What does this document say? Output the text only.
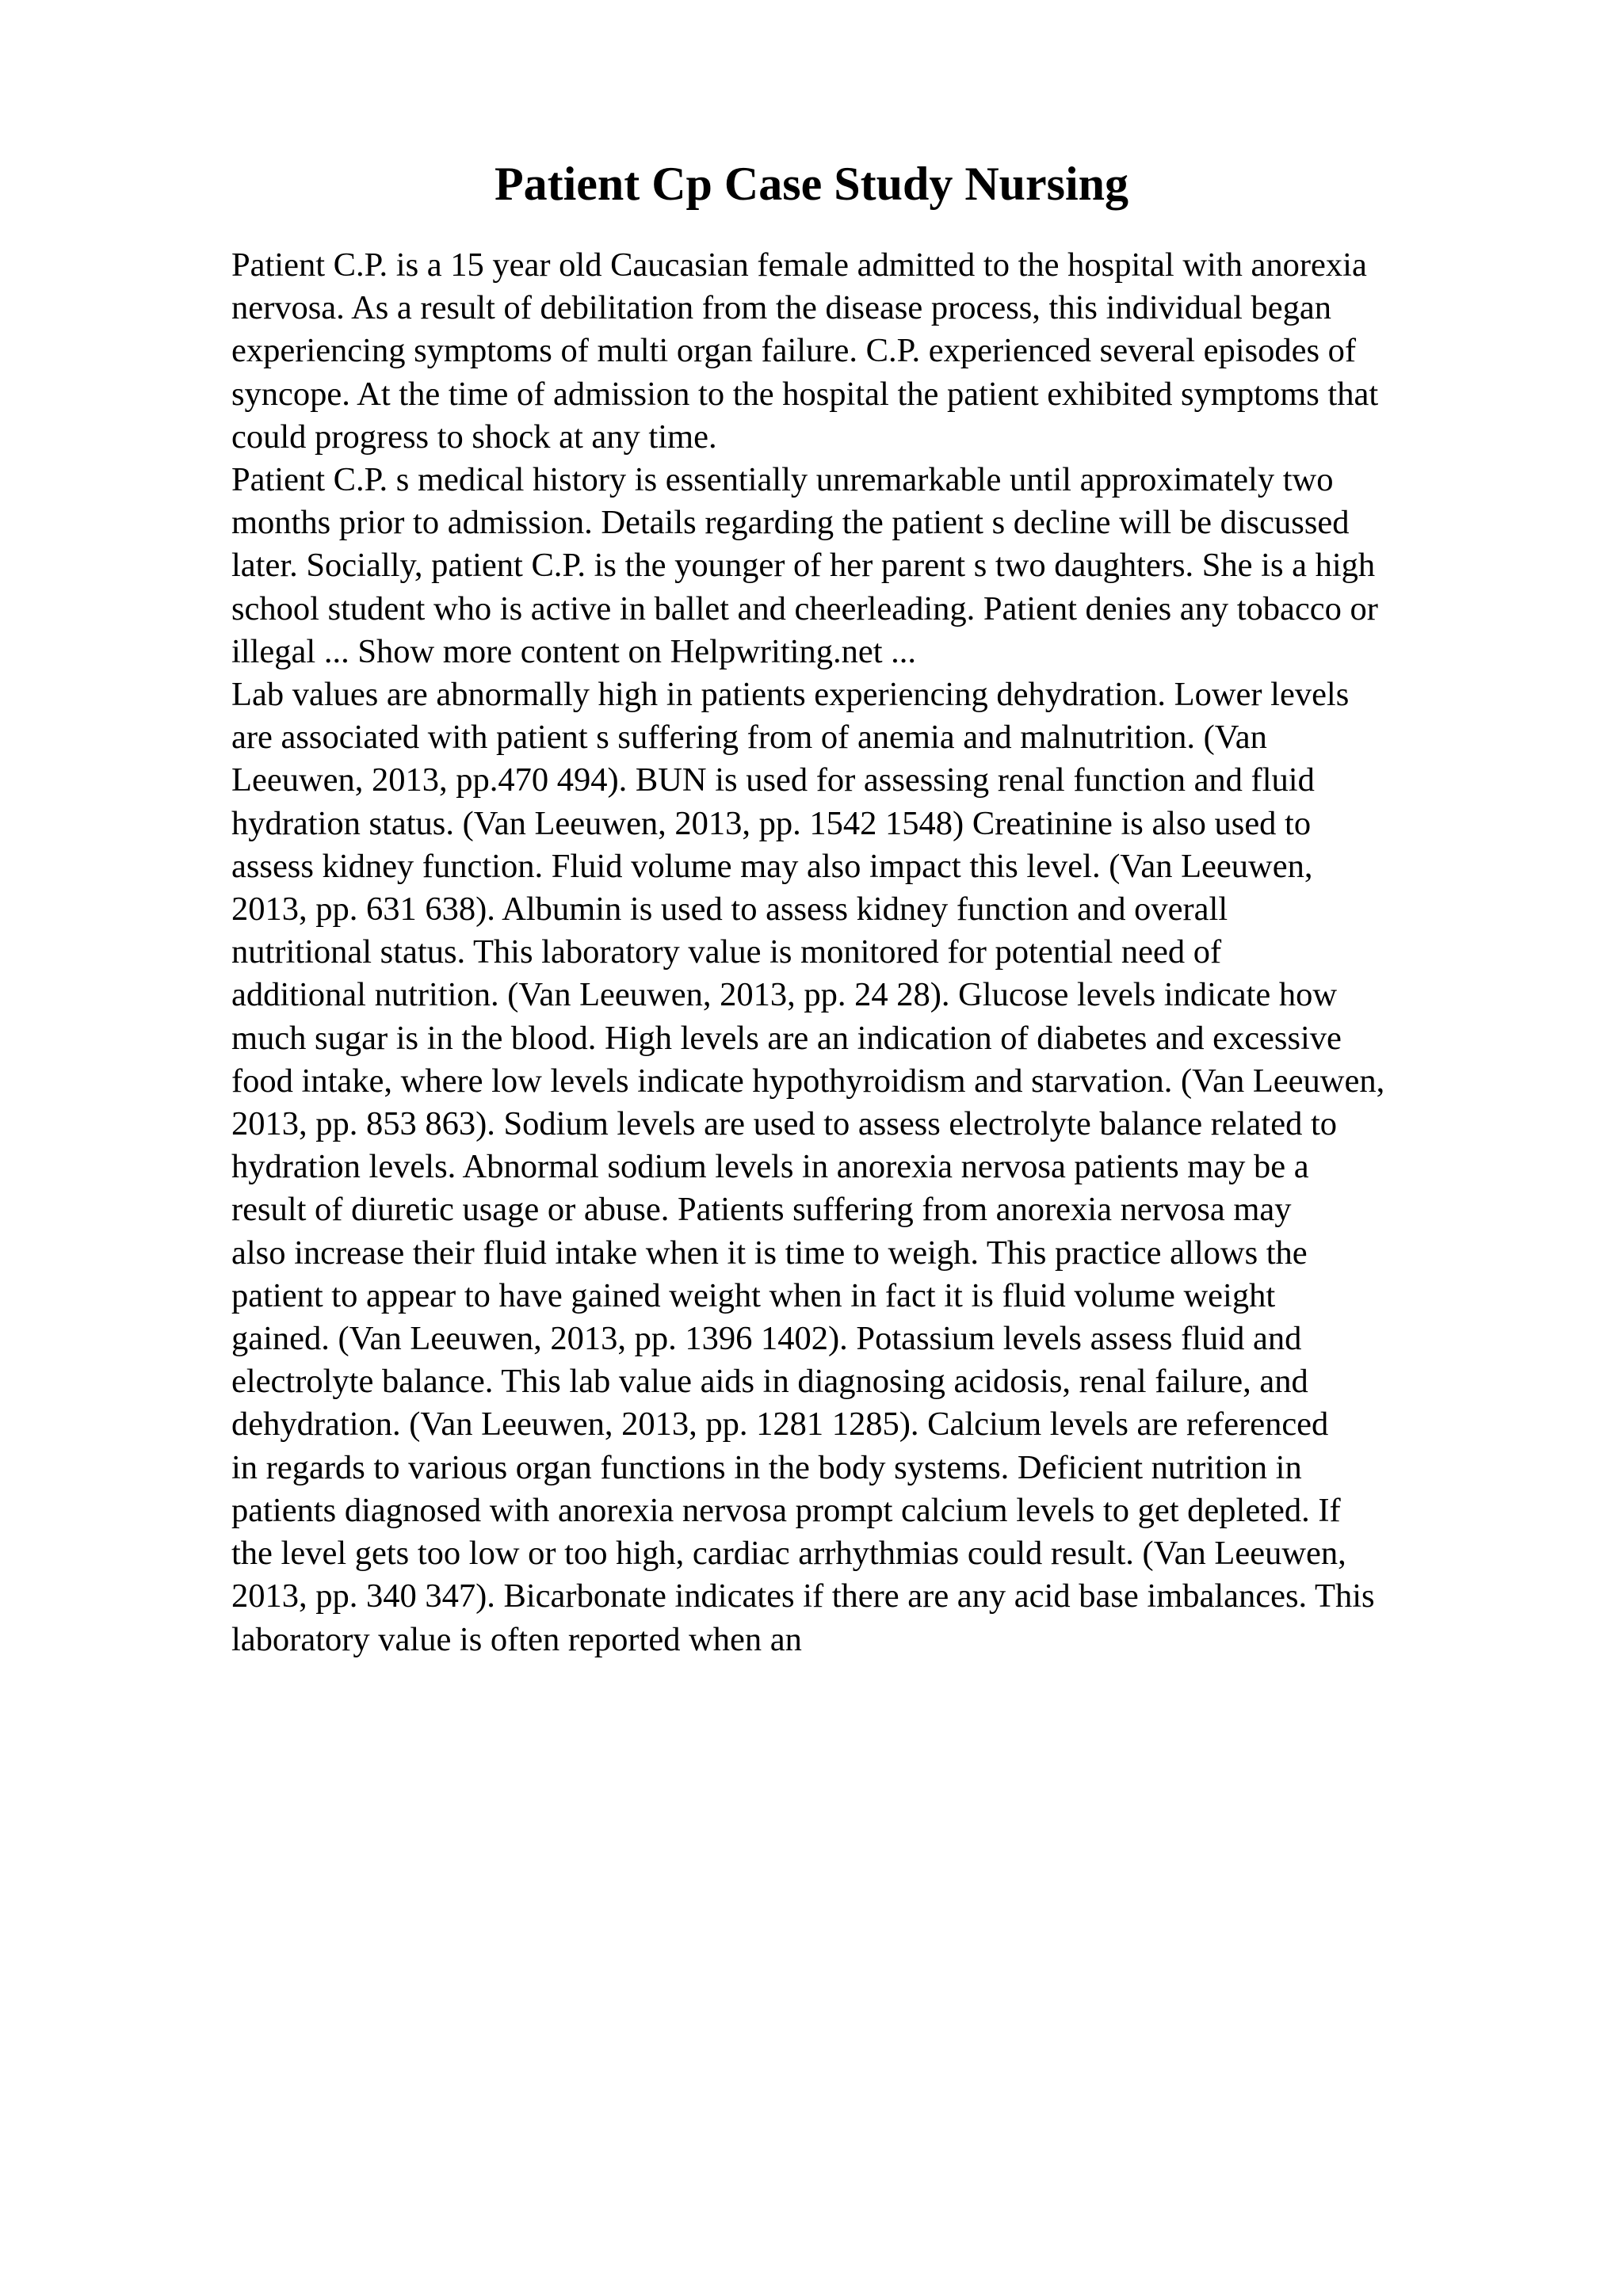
Patient Cp Case Study Nursing
Patient C.P. is a 15 year old Caucasian female admitted to the hospital with anorexia
nervosa. As a result of debilitation from the disease process, this individual began
experiencing symptoms of multi organ failure. C.P. experienced several episodes of
syncope. At the time of admission to the hospital the patient exhibited symptoms that
could progress to shock at any time.
Patient C.P. s medical history is essentially unremarkable until approximately two
months prior to admission. Details regarding the patient s decline will be discussed
later. Socially, patient C.P. is the younger of her parent s two daughters. She is a high
school student who is active in ballet and cheerleading. Patient denies any tobacco or
illegal ... Show more content on Helpwriting.net ...
Lab values are abnormally high in patients experiencing dehydration. Lower levels
are associated with patient s suffering from of anemia and malnutrition. (Van
Leeuwen, 2013, pp.470 494). BUN is used for assessing renal function and fluid
hydration status. (Van Leeuwen, 2013, pp. 1542 1548) Creatinine is also used to
assess kidney function. Fluid volume may also impact this level. (Van Leeuwen,
2013, pp. 631 638). Albumin is used to assess kidney function and overall
nutritional status. This laboratory value is monitored for potential need of
additional nutrition. (Van Leeuwen, 2013, pp. 24 28). Glucose levels indicate how
much sugar is in the blood. High levels are an indication of diabetes and excessive
food intake, where low levels indicate hypothyroidism and starvation. (Van Leeuwen,
2013, pp. 853 863). Sodium levels are used to assess electrolyte balance related to
hydration levels. Abnormal sodium levels in anorexia nervosa patients may be a
result of diuretic usage or abuse. Patients suffering from anorexia nervosa may
also increase their fluid intake when it is time to weigh. This practice allows the
patient to appear to have gained weight when in fact it is fluid volume weight
gained. (Van Leeuwen, 2013, pp. 1396 1402). Potassium levels assess fluid and
electrolyte balance. This lab value aids in diagnosing acidosis, renal failure, and
dehydration. (Van Leeuwen, 2013, pp. 1281 1285). Calcium levels are referenced
in regards to various organ functions in the body systems. Deficient nutrition in
patients diagnosed with anorexia nervosa prompt calcium levels to get depleted. If
the level gets too low or too high, cardiac arrhythmias could result. (Van Leeuwen,
2013, pp. 340 347). Bicarbonate indicates if there are any acid base imbalances. This
laboratory value is often reported when an
